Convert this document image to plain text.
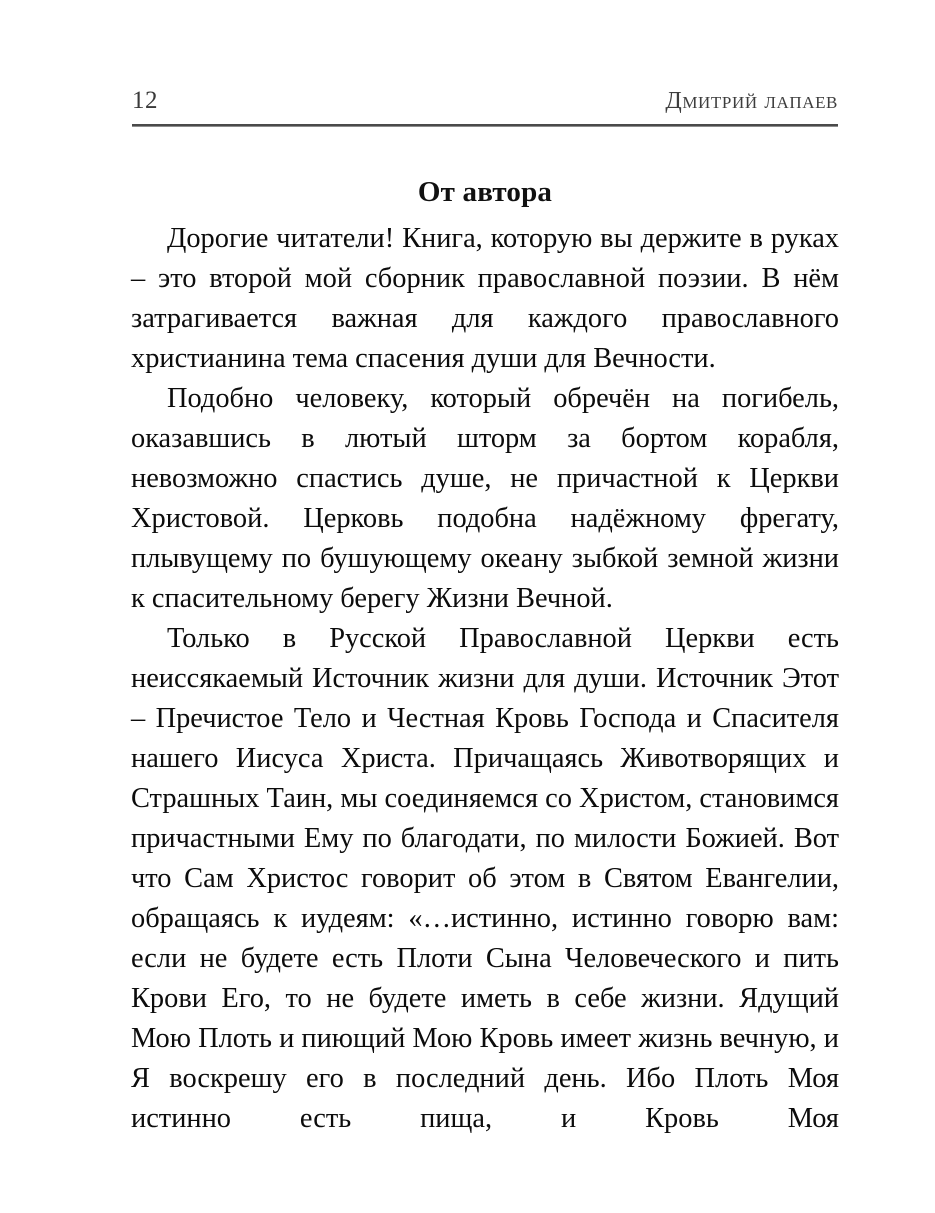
12	дмитрий лапаев
От автора

Дорогие читатели! Книга, которую вы держите в руках – это второй мой сборник православной поэзии. В нём затрагивается важная для каждого православного христианина тема спасения души для Вечности.

Подобно человеку, который обречён на погибель, оказавшись в лютый шторм за бортом корабля, невозможно спастись душе, не причастной к Церкви Христовой. Церковь подобна надёжному фрегату, плывущему по бушующему океану зыбкой земной жизни к спасительному берегу Жизни Вечной.

Только в Русской Православной Церкви есть неиссякаемый Источник жизни для души. Источник Этот – Пречистое Тело и Честная Кровь Господа и Спасителя нашего Иисуса Христа. Причащаясь Животворящих и Страшных Таин, мы соединяемся со Христом, становимся причастными Ему по благодати, по милости Божией. Вот что Сам Христос говорит об этом в Святом Евангелии, обращаясь к иудеям: «…истинно, истинно говорю вам: если не будете есть Плоти Сына Человеческого и пить Крови Его, то не будете иметь в себе жизни. Ядущий Мою Плоть и пиющий Мою Кровь имеет жизнь вечную, и Я воскрешу его в последний день. Ибо Плоть Моя истинно есть пища, и Кровь Моя
